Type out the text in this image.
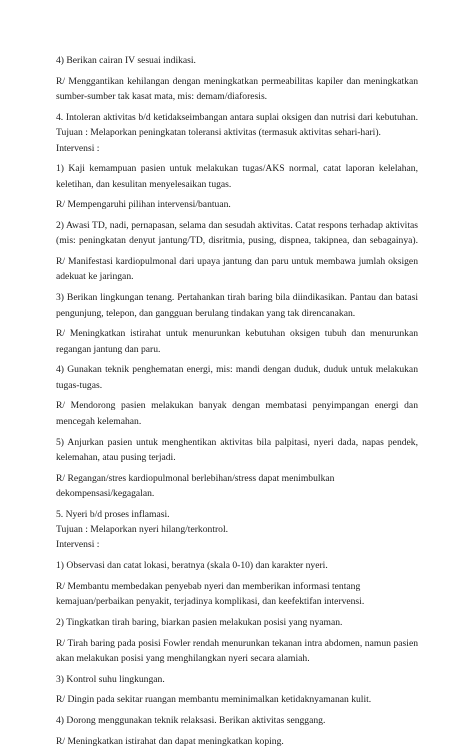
4) Berikan cairan IV sesuai indikasi.
R/ Menggantikan kehilangan dengan meningkatkan permeabilitas kapiler dan meningkatkan
sumber-sumber tak kasat mata, mis: demam/diaforesis.
4. Intoleran aktivitas b/d ketidakseimbangan antara suplai oksigen dan nutrisi dari kebutuhan.
Tujuan : Melaporkan peningkatan toleransi aktivitas (termasuk aktivitas sehari-hari).
Intervensi :
1) Kaji kemampuan pasien untuk melakukan tugas/AKS normal, catat laporan kelelahan,
keletihan, dan kesulitan menyelesaikan tugas.
R/ Mempengaruhi pilihan intervensi/bantuan.
2) Awasi TD, nadi, pernapasan, selama dan sesudah aktivitas. Catat respons terhadap aktivitas
(mis: peningkatan denyut jantung/TD, disritmia, pusing, dispnea, takipnea, dan sebagainya).
R/ Manifestasi kardiopulmonal dari upaya jantung dan paru untuk membawa jumlah oksigen
adekuat ke jaringan.
3) Berikan lingkungan tenang. Pertahankan tirah baring bila diindikasikan. Pantau dan batasi
pengunjung, telepon, dan gangguan berulang tindakan yang tak direncanakan.
R/ Meningkatkan istirahat untuk menurunkan kebutuhan oksigen tubuh dan menurunkan
regangan jantung dan paru.
4) Gunakan teknik penghematan energi, mis: mandi dengan duduk, duduk untuk melakukan
tugas-tugas.
R/ Mendorong pasien melakukan banyak dengan membatasi penyimpangan energi dan
mencegah kelemahan.
5) Anjurkan pasien untuk menghentikan aktivitas bila palpitasi, nyeri dada, napas pendek,
kelemahan, atau pusing terjadi.
R/ Regangan/stres kardiopulmonal berlebihan/stress dapat menimbulkan
dekompensasi/kegagalan.
5. Nyeri b/d proses inflamasi.
Tujuan : Melaporkan nyeri hilang/terkontrol.
Intervensi :
1) Observasi dan catat lokasi, beratnya (skala 0-10) dan karakter nyeri.
R/ Membantu membedakan penyebab nyeri dan memberikan informasi tentang
kemajuan/perbaikan penyakit, terjadinya komplikasi, dan keefektifan intervensi.
2) Tingkatkan tirah baring, biarkan pasien melakukan posisi yang nyaman.
R/ Tirah baring pada posisi Fowler rendah menurunkan tekanan intra abdomen, namun pasien
akan melakukan posisi yang menghilangkan nyeri secara alamiah.
3) Kontrol suhu lingkungan.
R/ Dingin pada sekitar ruangan membantu meminimalkan ketidaknyamanan kulit.
4) Dorong menggunakan teknik relaksasi. Berikan aktivitas senggang.
R/ Meningkatkan istirahat dan dapat meningkatkan koping.
